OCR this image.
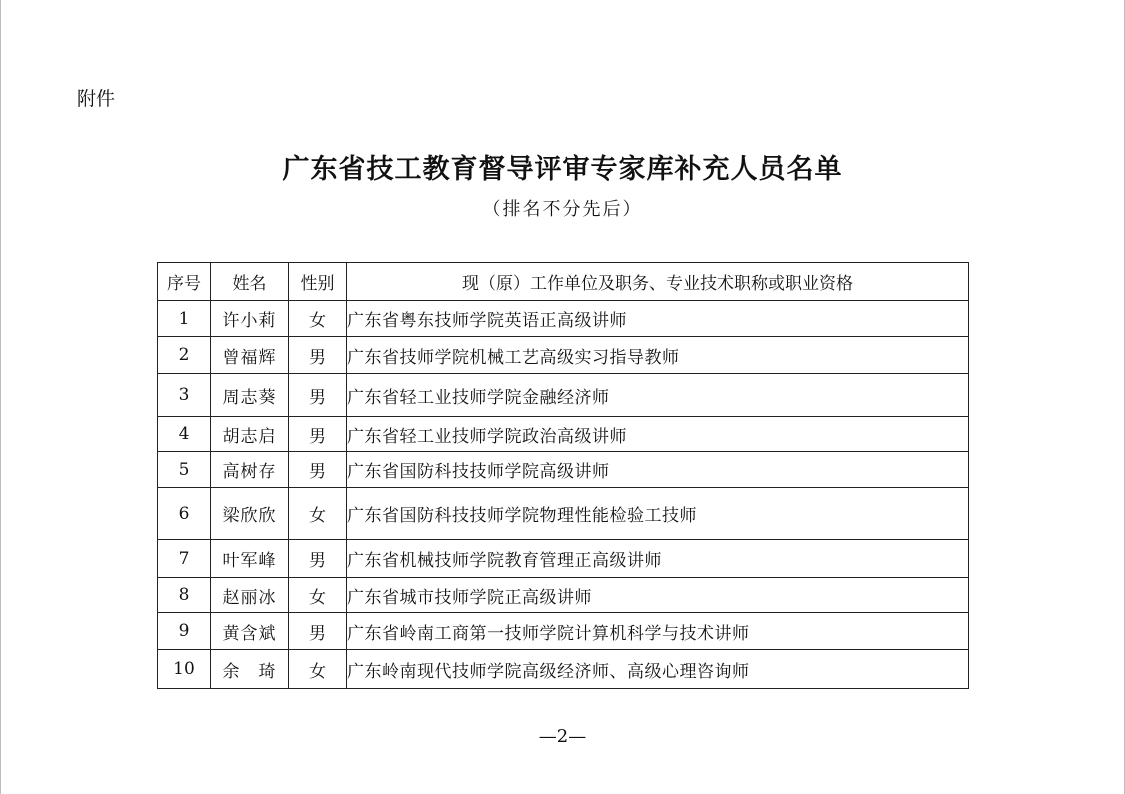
附件
广东省技工教育督导评审专家库补充人员名单
（排名不分先后）
序号	姓名	性别	现（原）工作单位及职务、专业技术职称或职业资格
1	许小莉	女	广东省粤东技师学院英语正高级讲师
2	曾福辉	男	广东省技师学院机械工艺高级实习指导教师
3	周志葵	男	广东省轻工业技师学院金融经济师
4	胡志启	男	广东省轻工业技师学院政治高级讲师
5	高树存	男	广东省国防科技技师学院高级讲师
6	梁欣欣	女	广东省国防科技技师学院物理性能检验工技师
7	叶军峰	男	广东省机械技师学院教育管理正高级讲师
8	赵丽冰	女	广东省城市技师学院正高级讲师
9	黄含斌	男	广东省岭南工商第一技师学院计算机科学与技术讲师
10	余　琦	女	广东岭南现代技师学院高级经济师、高级心理咨询师
—2—
